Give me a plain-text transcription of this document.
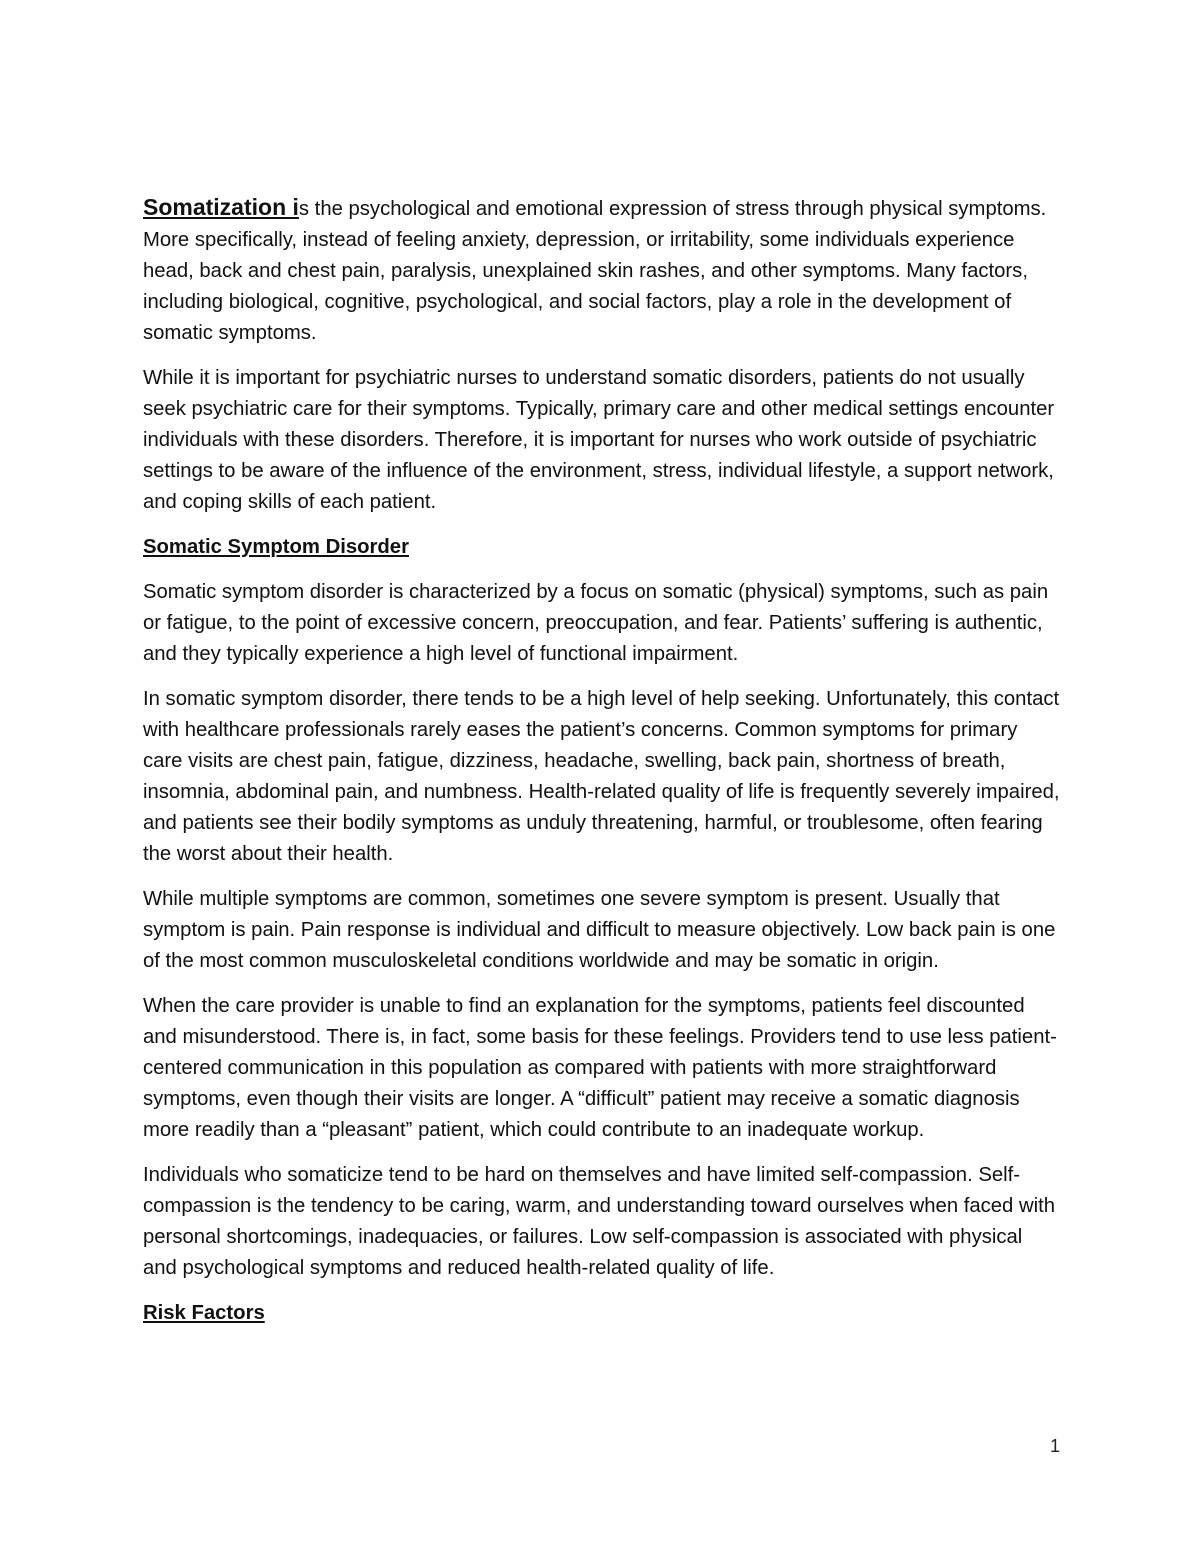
Somatization is the psychological and emotional expression of stress through physical symptoms. More specifically, instead of feeling anxiety, depression, or irritability, some individuals experience head, back and chest pain, paralysis, unexplained skin rashes, and other symptoms. Many factors, including biological, cognitive, psychological, and social factors, play a role in the development of somatic symptoms.

While it is important for psychiatric nurses to understand somatic disorders, patients do not usually seek psychiatric care for their symptoms. Typically, primary care and other medical settings encounter individuals with these disorders. Therefore, it is important for nurses who work outside of psychiatric settings to be aware of the influence of the environment, stress, individual lifestyle, a support network, and coping skills of each patient.

Somatic Symptom Disorder

Somatic symptom disorder is characterized by a focus on somatic (physical) symptoms, such as pain or fatigue, to the point of excessive concern, preoccupation, and fear. Patients’ suffering is authentic, and they typically experience a high level of functional impairment.

In somatic symptom disorder, there tends to be a high level of help seeking. Unfortunately, this contact with healthcare professionals rarely eases the patient’s concerns. Common symptoms for primary care visits are chest pain, fatigue, dizziness, headache, swelling, back pain, shortness of breath, insomnia, abdominal pain, and numbness. Health-related quality of life is frequently severely impaired, and patients see their bodily symptoms as unduly threatening, harmful, or troublesome, often fearing the worst about their health.

While multiple symptoms are common, sometimes one severe symptom is present. Usually that symptom is pain. Pain response is individual and difficult to measure objectively. Low back pain is one of the most common musculoskeletal conditions worldwide and may be somatic in origin.

When the care provider is unable to find an explanation for the symptoms, patients feel discounted and misunderstood. There is, in fact, some basis for these feelings. Providers tend to use less patient-centered communication in this population as compared with patients with more straightforward symptoms, even though their visits are longer. A “difficult” patient may receive a somatic diagnosis more readily than a “pleasant” patient, which could contribute to an inadequate workup.

Individuals who somaticize tend to be hard on themselves and have limited self-compassion. Self-compassion is the tendency to be caring, warm, and understanding toward ourselves when faced with personal shortcomings, inadequacies, or failures. Low self-compassion is associated with physical and psychological symptoms and reduced health-related quality of life.

Risk Factors
1
